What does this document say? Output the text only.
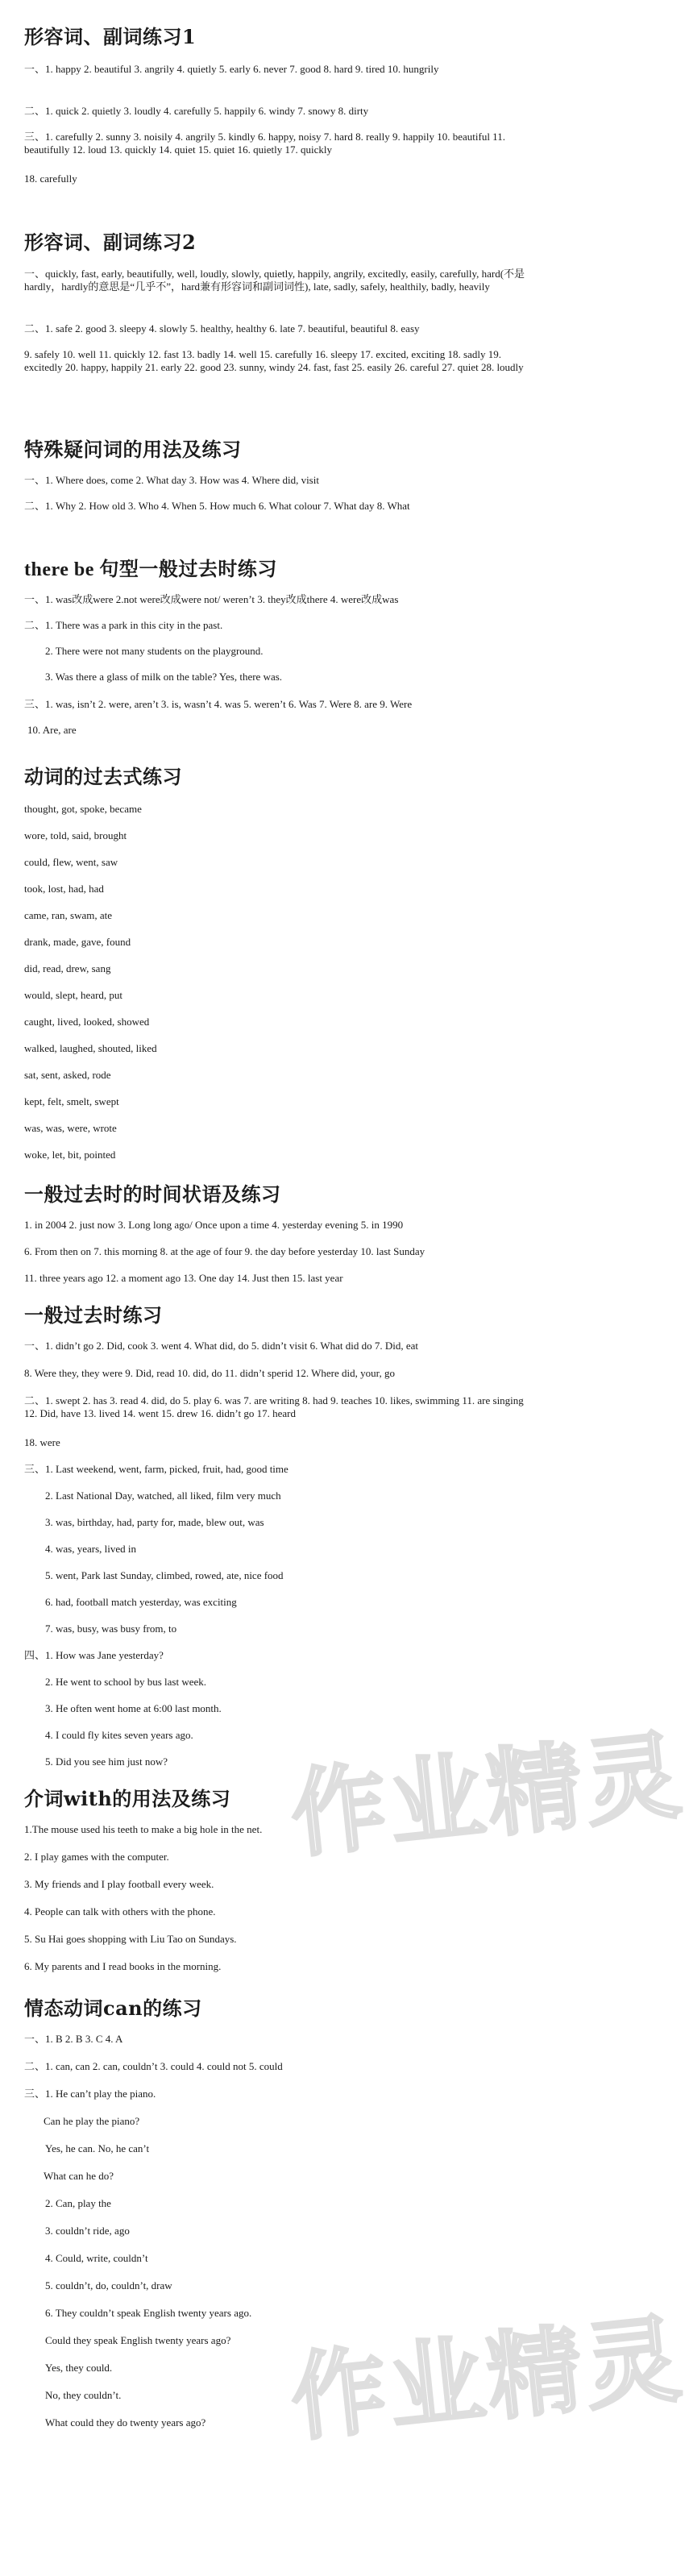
形容词、副词练习1

一、1. happy 2. beautiful 3. angrily 4. quietly 5. early 6. never 7. good 8. hard 9. tired 10. hungrily

二、1. quick 2. quietly 3. loudly 4. carefully 5. happily 6. windy 7. snowy 8. dirty

三、1. carefully 2. sunny 3. noisily 4. angrily 5. kindly 6. happy, noisy 7. hard 8. really 9. happily 10. beautiful 11. beautifully 12. loud 13. quickly 14. quiet 15. quiet 16. quietly 17. quickly

18. carefully

形容词、副词练习2

一、quickly, fast, early, beautifully, well, loudly, slowly, quietly, happily, angrily, excitedly, easily, carefully, hard(不是hardly，hardly的意思是“几乎不”，hard兼有形容词和副词词性), late, sadly, safely, healthily, badly, heavily

二、1. safe 2. good 3. sleepy 4. slowly 5. healthy, healthy 6. late 7. beautiful, beautiful 8. easy

9. safely 10. well 11. quickly 12. fast 13. badly 14. well 15. carefully 16. sleepy 17. excited, exciting 18. sadly 19. excitedly 20. happy, happily 21. early 22. good 23. sunny, windy 24. fast, fast 25. easily 26. careful 27. quiet 28. loudly

特殊疑问词的用法及练习

一、1. Where does, come 2. What day 3. How was 4. Where did, visit

二、1. Why 2. How old 3. Who 4. When 5. How much 6. What colour 7. What day 8. What

there be 句型一般过去时练习

一、1. was改成were 2.not were改成were not/ weren’t 3. they改成there 4. were改成was

二、1. There was a park in this city in the past.

2. There were not many students on the playground.

3. Was there a glass of milk on the table? Yes, there was.

三、1. was, isn’t 2. were, aren’t 3. is, wasn’t 4. was 5. weren’t 6. Was 7. Were 8. are 9. Were

10. Are, are

动词的过去式练习

thought, got, spoke, became

wore, told, said, brought

could, flew, went, saw

took, lost, had, had

came, ran, swam, ate

drank, made, gave, found

did, read, drew, sang

would, slept, heard, put

caught, lived, looked, showed

walked, laughed, shouted, liked

sat, sent, asked, rode

kept, felt, smelt, swept

was, was, were, wrote

woke, let, bit, pointed

一般过去时的时间状语及练习

1. in 2004 2. just now 3. Long long ago/ Once upon a time 4. yesterday evening 5. in 1990

6. From then on 7. this morning 8. at the age of four 9. the day before yesterday 10. last Sunday

11. three years ago 12. a moment ago 13. One day 14. Just then 15. last year

一般过去时练习

一、1. didn’t go 2. Did, cook 3. went 4. What did, do 5. didn’t visit 6. What did do 7. Did, eat

8. Were they, they were 9. Did, read 10. did, do 11. didn’t sperid 12. Where did, your, go

二、1. swept 2. has 3. read 4. did, do 5. play 6. was 7. are writing 8. had 9. teaches 10. likes, swimming 11. are singing 12. Did, have 13. lived 14. went 15. drew 16. didn’t go 17. heard

18. were

三、1. Last weekend, went, farm, picked, fruit, had, good time

2. Last National Day, watched, all liked, film very much

3. was, birthday, had, party for, made, blew out, was

4. was, years, lived in

5. went, Park last Sunday, climbed, rowed, ate, nice food

6. had, football match yesterday, was exciting

7. was, busy, was busy from, to

四、1. How was Jane yesterday?

2. He went to school by bus last week.

3. He often went home at 6:00 last month.

4. I could fly kites seven years ago.

5. Did you see him just now?

介词with的用法及练习

1.The mouse used his teeth to make a big hole in the net.

2. I play games with the computer.

3. My friends and I play football every week.

4. People can talk with others with the phone.

5. Su Hai goes shopping with Liu Tao on Sundays.

6. My parents and I read books in the morning.

情态动词can的练习

一、1. B 2. B 3. C 4. A

二、1. can, can 2. can, couldn’t 3. could 4. could not 5. could

三、1. He can’t play the piano.

Can he play the piano?

Yes, he can. No, he can’t

What can he do?

2. Can, play the

3. couldn’t ride, ago

4. Could, write, couldn’t

5. couldn’t, do, couldn’t, draw

6. They couldn’t speak English twenty years ago.

Could they speak English twenty years ago?

Yes, they could.

No, they couldn’t.

What could they do twenty years ago?

作业精灵
作业精灵
